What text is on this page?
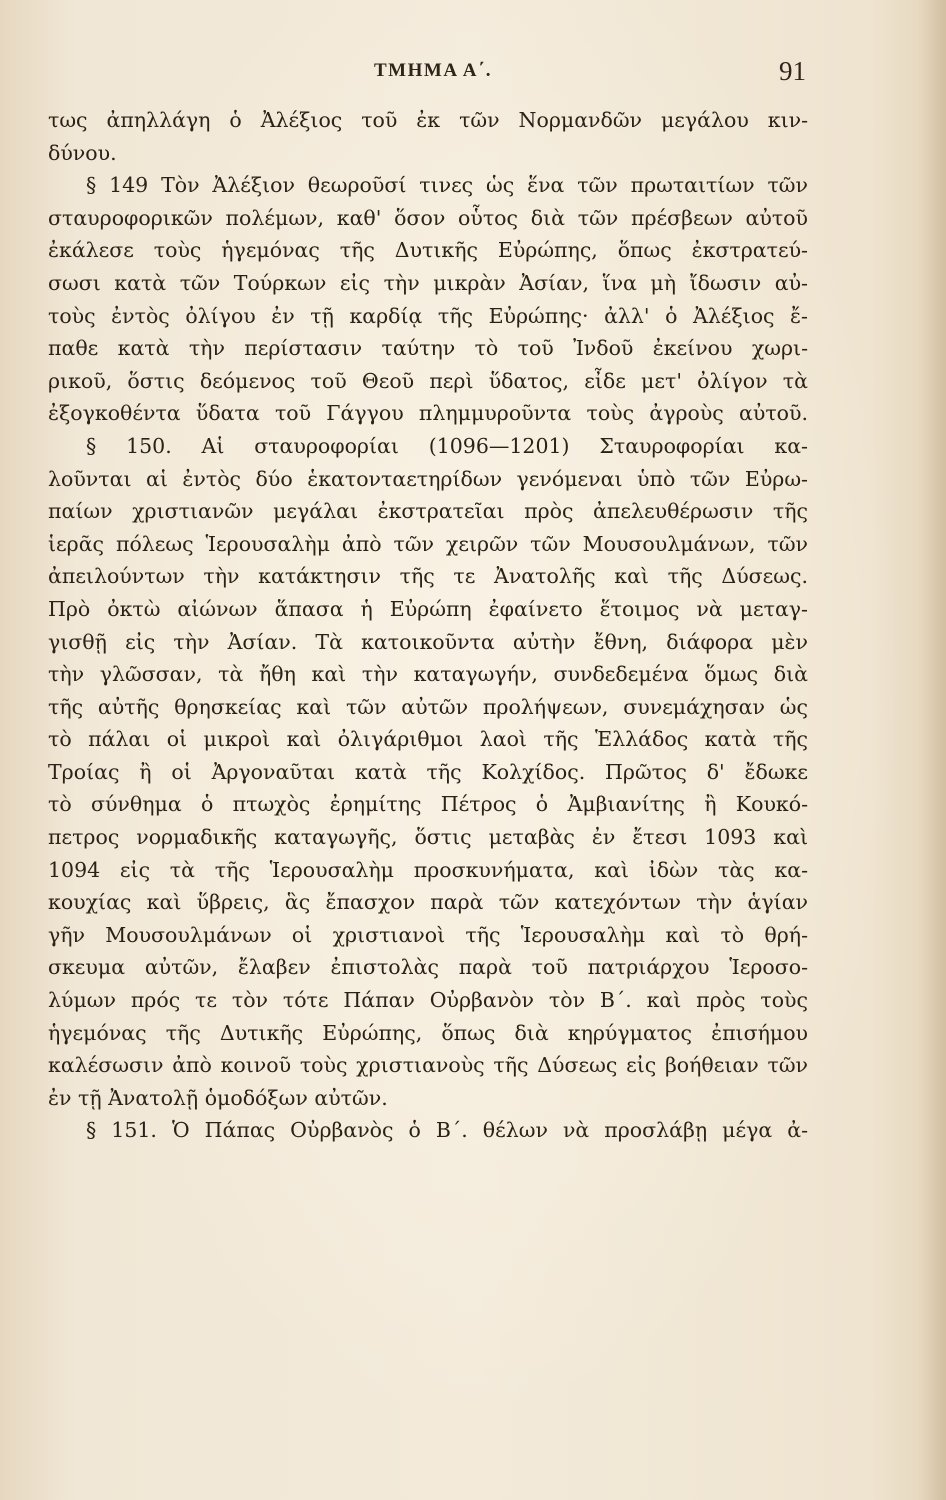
ΤΜΗΜΑ Α΄.	91
τως ἀπηλλάγη ὁ Ἀλέξιος τοῦ ἐκ τῶν Νορμανδῶν μεγάλου κιν-
δύνου.
§ 149 Τὸν Ἀλέξιον θεωροῦσί τινες ὡς ἕνα τῶν πρωταιτίων τῶν
σταυροφορικῶν πολέμων, καθ' ὅσον οὗτος διὰ τῶν πρέσβεων αὐτοῦ
ἐκάλεσε τοὺς ἡγεμόνας τῆς Δυτικῆς Εὐρώπης, ὅπως ἐκστρατεύ-
σωσι κατὰ τῶν Τούρκων εἰς τὴν μικρὰν Ἀσίαν, ἵνα μὴ ἴδωσιν αὐ-
τοὺς ἐντὸς ὀλίγου ἐν τῇ καρδίᾳ τῆς Εὐρώπης· ἀλλ' ὁ Ἀλέξιος ἔ-
παθε κατὰ τὴν περίστασιν ταύτην τὸ τοῦ Ἰνδοῦ ἐκείνου χωρι-
ρικοῦ, ὅστις δεόμενος τοῦ Θεοῦ περὶ ὕδατος, εἶδε μετ' ὀλίγον τὰ
ἐξογκοθέντα ὕδατα τοῦ Γάγγου πλημμυροῦντα τοὺς ἀγροὺς αὐτοῦ.
§ 150. Αἱ σταυροφορίαι (1096—1201) Σταυροφορίαι κα-
λοῦνται αἱ ἐντὸς δύο ἑκατονταετηρίδων γενόμεναι ὑπὸ τῶν Εὐρω-
παίων χριστιανῶν μεγάλαι ἐκστρατεῖαι πρὸς ἀπελευθέρωσιν τῆς
ἱερᾶς πόλεως Ἱερουσαλὴμ ἀπὸ τῶν χειρῶν τῶν Μουσουλμάνων, τῶν
ἀπειλούντων τὴν κατάκτησιν τῆς τε Ἀνατολῆς καὶ τῆς Δύσεως.
Πρὸ ὀκτὼ αἰώνων ἅπασα ἡ Εὐρώπη ἐφαίνετο ἕτοιμος νὰ μεταγ-
γισθῇ εἰς τὴν Ἀσίαν. Τὰ κατοικοῦντα αὐτὴν ἔθνη, διάφορα μὲν
τὴν γλῶσσαν, τὰ ἤθη καὶ τὴν καταγωγήν, συνδεδεμένα ὅμως διὰ
τῆς αὐτῆς θρησκείας καὶ τῶν αὐτῶν προλήψεων, συνεμάχησαν ὡς
τὸ πάλαι οἱ μικροὶ καὶ ὀλιγάριθμοι λαοὶ τῆς Ἑλλάδος κατὰ τῆς
Τροίας ἢ οἱ Ἀργοναῦται κατὰ τῆς Κολχίδος. Πρῶτος δ' ἔδωκε
τὸ σύνθημα ὁ πτωχὸς ἐρημίτης Πέτρος ὁ Ἀμβιανίτης ἢ Κουκό-
πετρος νορμαδικῆς καταγωγῆς, ὅστις μεταβὰς ἐν ἔτεσι 1093 καὶ
1094 εἰς τὰ τῆς Ἱερουσαλὴμ προσκυνήματα, καὶ ἰδὼν τὰς κα-
κουχίας καὶ ὕβρεις, ἃς ἔπασχον παρὰ τῶν κατεχόντων τὴν ἁγίαν
γῆν Μουσουλμάνων οἱ χριστιανοὶ τῆς Ἱερουσαλὴμ καὶ τὸ θρή-
σκευμα αὐτῶν, ἔλαβεν ἐπιστολὰς παρὰ τοῦ πατριάρχου Ἱεροσο-
λύμων πρός τε τὸν τότε Πάπαν Οὐρβανὸν τὸν Β΄. καὶ πρὸς τοὺς
ἡγεμόνας τῆς Δυτικῆς Εὐρώπης, ὅπως διὰ κηρύγματος ἐπισήμου
καλέσωσιν ἀπὸ κοινοῦ τοὺς χριστιανοὺς τῆς Δύσεως εἰς βοήθειαν τῶν
ἐν τῇ Ἀνατολῇ ὁμοδόξων αὐτῶν.
§ 151. Ὁ Πάπας Οὐρβανὸς ὁ Β΄. θέλων νὰ προσλάβῃ μέγα ἀ-
